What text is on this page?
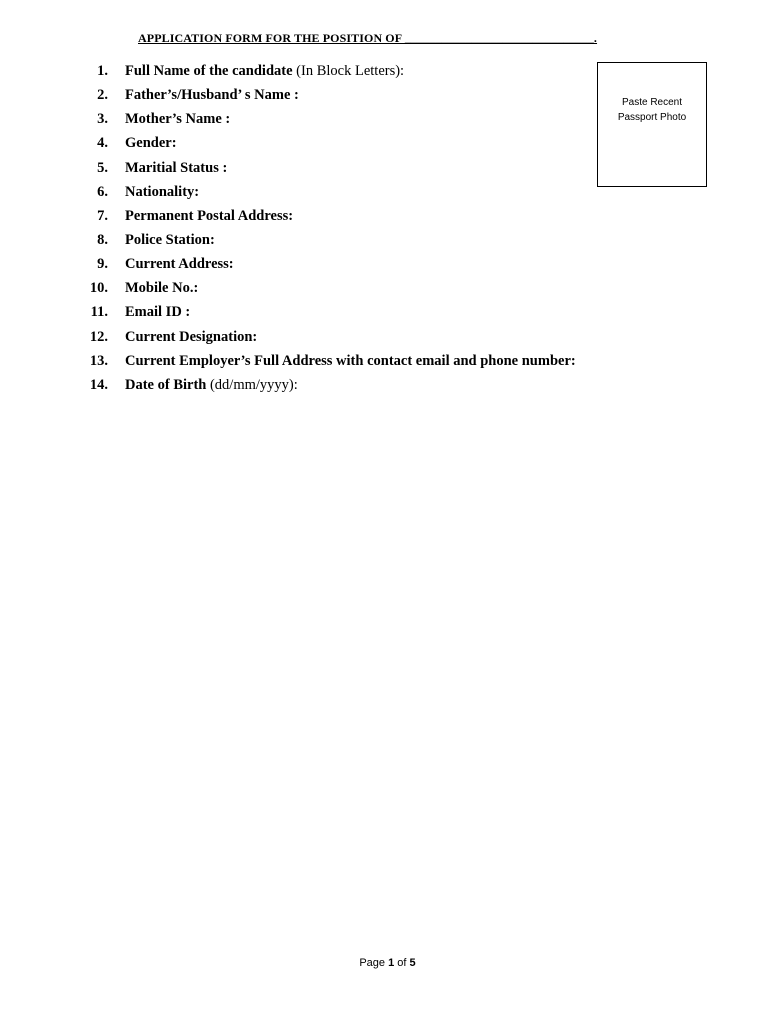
APPLICATION FORM FOR THE POSITION OF _______________________________.
1. Full Name of the candidate (In Block Letters):
2. Father’s/Husband’ s Name :
3. Mother’s Name :
4. Gender:
5. Maritial Status :
6. Nationality:
7. Permanent Postal Address:
8. Police Station:
9. Current Address:
10. Mobile No.:
11. Email ID :
12. Current Designation:
13. Current Employer’s Full Address with contact email and phone number:
14. Date of Birth (dd/mm/yyyy):
Paste Recent
Passport Photo
Page 1 of 5
